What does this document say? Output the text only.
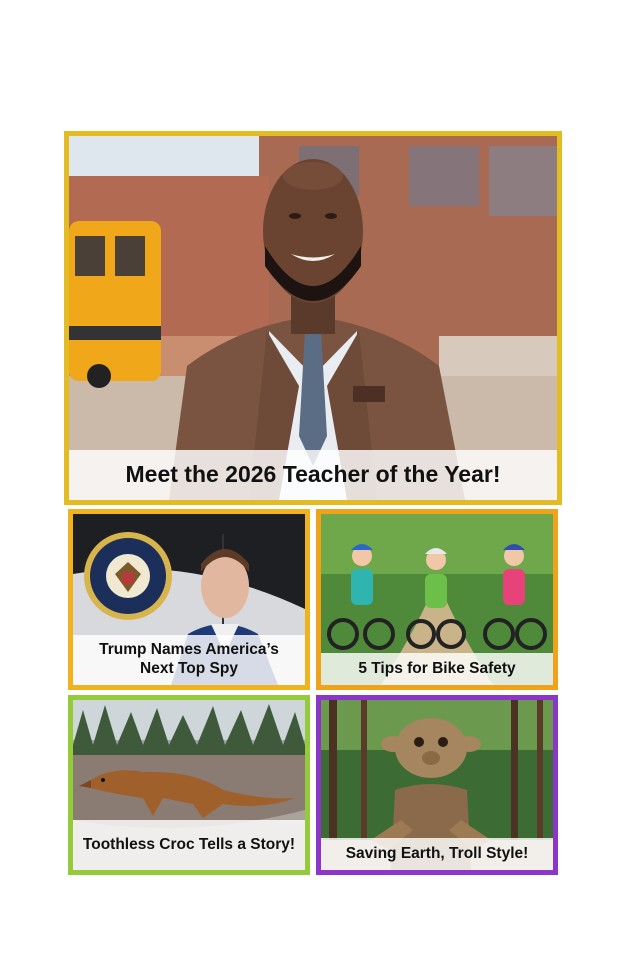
Meet the 2026 Teacher of the Year!
Trump Names America’s Next Top Spy	5 Tips for Bike Safety
Toothless Croc Tells a Story!
Saving Earth, Troll Style!
